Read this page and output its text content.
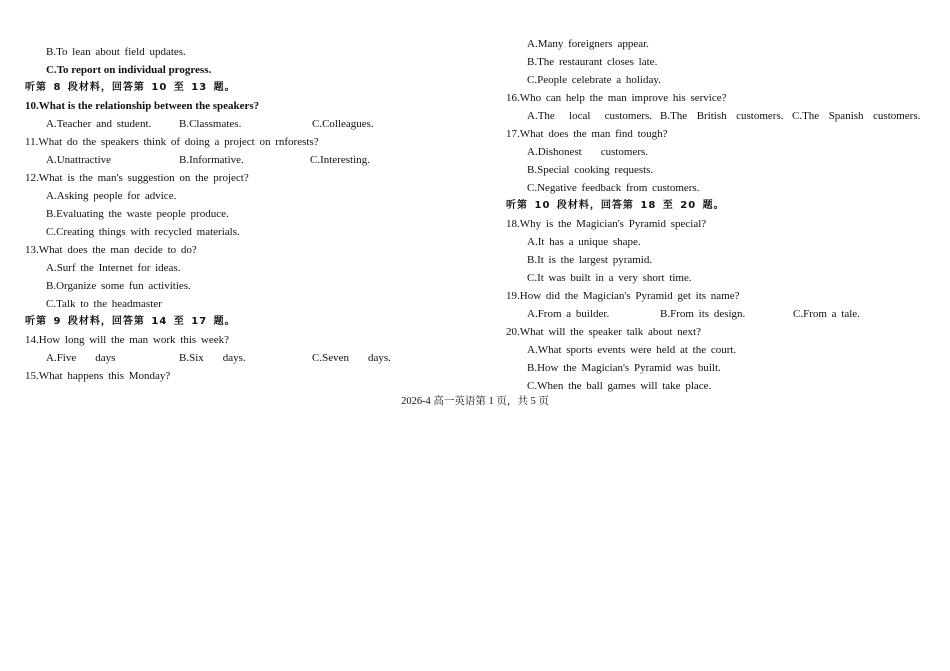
B.To lean about field updates.
C.To report on individual progress.
听第 8 段材料，回答第 10 至 13 题。
10.What is the relationship between the speakers?
A.Teacher and student.	B.Classmates.	C.Colleagues.
11.What do the speakers think of doing a project on rnforests?
A.Unattractive	B.Informative.	C.Interesting.
12.What is the man's suggestion on the project?
A.Asking people for advice.
B.Evaluating the waste people produce.
C.Creating things with recycled materials.
13.What does the man decide to do?
A.Surf the Internet for ideas.
B.Organize some fun activities.
C.Talk to the headmaster
听第 9 段材料，回答第 14 至 17 题。
14.How long will the man work this week?
A.Five    days	B.Six    days.	C.Seven    days.
15.What happens this Monday?
A.Many foreigners appear.
B.The restaurant closes late.
C.People celebrate a holiday.
16.Who can help the man improve his service?
A.The   local   customers. B.The  British  customers. C.The  Spanish  customers.
17.What does the man find tough?
A.Dishonest    customers.
B.Special cooking requests.
C.Negative feedback from customers.
听第 10 段材料，回答第 18 至 20 题。
18.Why is the Magician's Pyramid special?
A.It has a unique shape.
B.It is the largest pyramid.
C.It was built in a very short time.
19.How did the Magician's Pyramid get its name?
A.From a builder.	B.From its design.	C.From a tale.
20.What will the speaker talk about next?
A.What sports events were held at the court.
B.How the Magician's Pyramid was built.
C.When the ball games will take place.
2026-4 高一英语第 1 页，共 5 页
